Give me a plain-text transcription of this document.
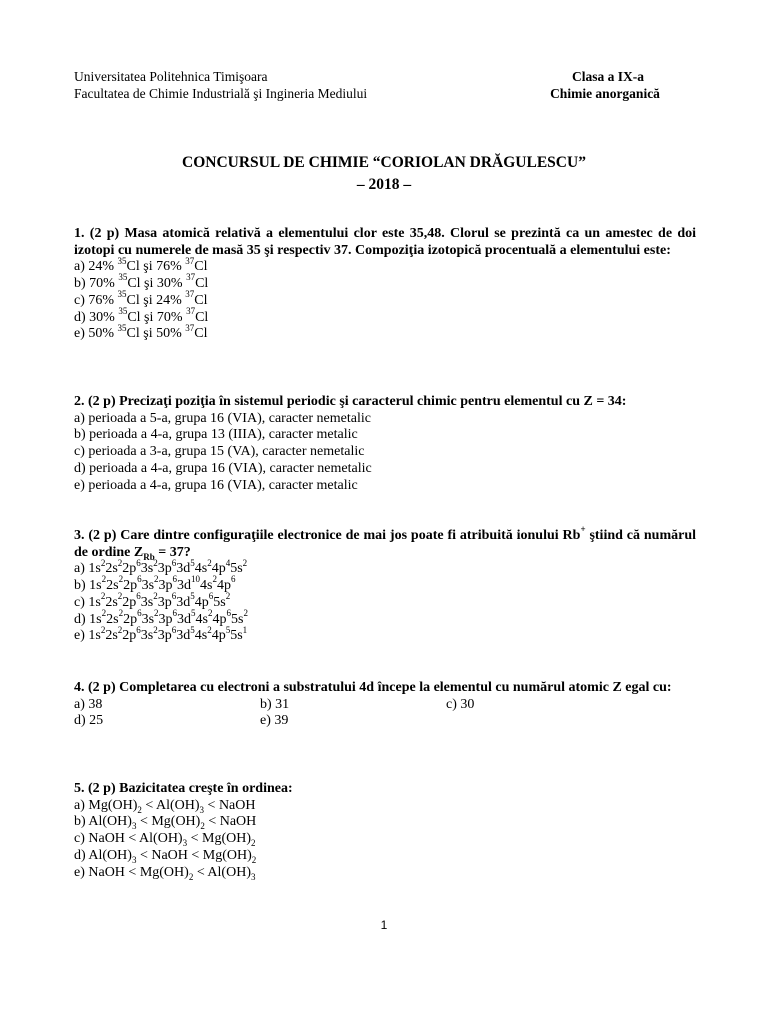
Universitatea Politehnica Timişoara
Facultatea de Chimie Industrială şi Ingineria Mediului
Clasa a IX-a
Chimie anorganică
CONCURSUL DE CHIMIE “CORIOLAN DRĂGULESCU”
– 2018 –
1. (2 p) Masa atomică relativă a elementului clor este 35,48. Clorul se prezintă ca un amestec de doi izotopi cu numerele de masă 35 şi respectiv 37. Compoziţia izotopică procentuală a elementului este:
a) 24% $^{35}$Cl şi 76% $^{37}$Cl
b) 70% $^{35}$Cl şi 30% $^{37}$Cl
c) 76% $^{35}$Cl şi 24% $^{37}$Cl
d) 30% $^{35}$Cl şi 70% $^{37}$Cl
e) 50% $^{35}$Cl şi 50% $^{37}$Cl
2. (2 p) Precizaţi poziţia în sistemul periodic şi caracterul chimic pentru elementul cu Z = 34:
a) perioada a 5-a, grupa 16 (VIA), caracter nemetalic
b) perioada a 4-a, grupa 13 (IIIA), caracter metalic
c) perioada a 3-a, grupa 15 (VA), caracter nemetalic
d) perioada a 4-a, grupa 16 (VIA), caracter nemetalic
e) perioada a 4-a, grupa 16 (VIA), caracter metalic
3. (2 p) Care dintre configuraţiile electronice de mai jos poate fi atribuită ionului Rb+ ştiind că numărul de ordine $Z_{Rb} = 37$?
a) $1s^22s^22p^63s^23p^63d^54s^24p^45s^2$
b) $1s^22s^22p^63s^23p^63d^{10}4s^24p^6$
c) $1s^22s^22p^63s^23p^63d^54p^65s^2$
d) $1s^22s^22p^63s^23p^63d^54s^24p^65s^2$
e) $1s^22s^22p^63s^23p^63d^54s^24p^55s^1$
4. (2 p) Completarea cu electroni a substratului 4d începe la elementul cu numărul atomic Z egal cu:
a) 38	b) 31	c) 30
d) 25	e) 39
5. (2 p) Bazicitatea creşte în ordinea:
a) $Mg(OH)_2 < Al(OH)_3$ < NaOH
b) $Al(OH)_3 < Mg(OH)_2$ < NaOH
c) NaOH < $Al(OH)_3 < Mg(OH)_2$
d) $Al(OH)_3$ < NaOH < $Mg(OH)_2$
e) NaOH < $Mg(OH)_2 < Al(OH)_3$
1
